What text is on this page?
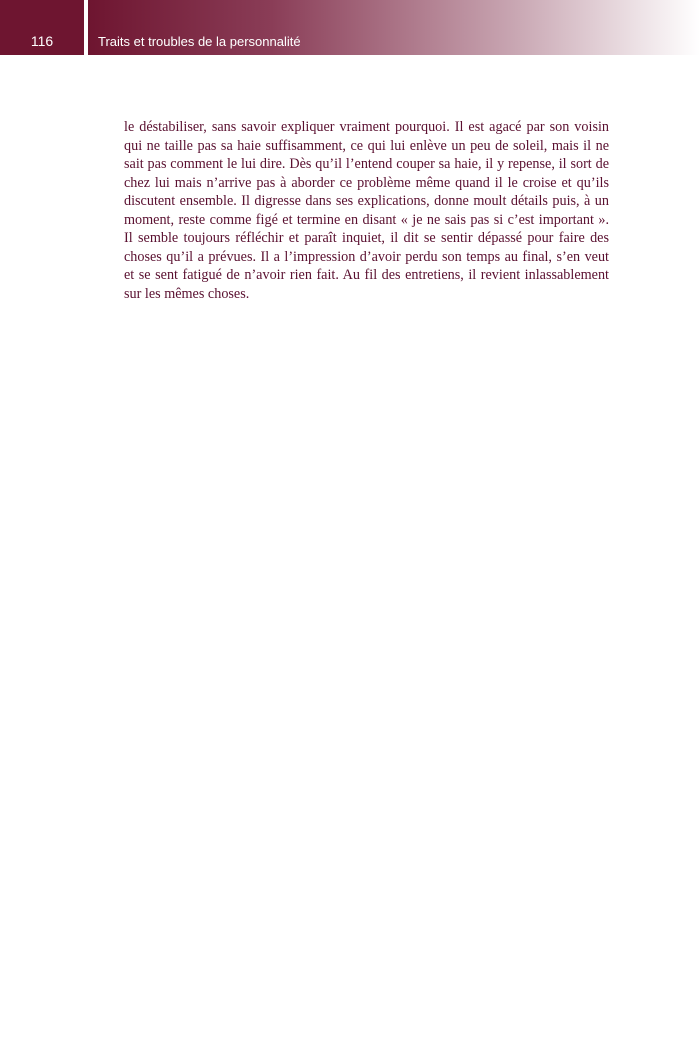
116	Traits et troubles de la personnalité
le déstabiliser, sans savoir expliquer vraiment pourquoi. Il est agacé par son voisin
qui ne taille pas sa haie suffisamment, ce qui lui enlève un peu de soleil, mais il ne
sait pas comment le lui dire. Dès qu’il l’entend couper sa haie, il y repense, il sort de
chez lui mais n’arrive pas à aborder ce problème même quand il le croise et qu’ils
discutent ensemble. Il digresse dans ses explications, donne moult détails puis, à un
moment, reste comme figé et termine en disant « je ne sais pas si c’est important ».
Il semble toujours réfléchir et paraît inquiet, il dit se sentir dépassé pour faire des
choses qu’il a prévues. Il a l’impression d’avoir perdu son temps au final, s’en veut
et se sent fatigué de n’avoir rien fait. Au fil des entretiens, il revient inlassablement
sur les mêmes choses.
